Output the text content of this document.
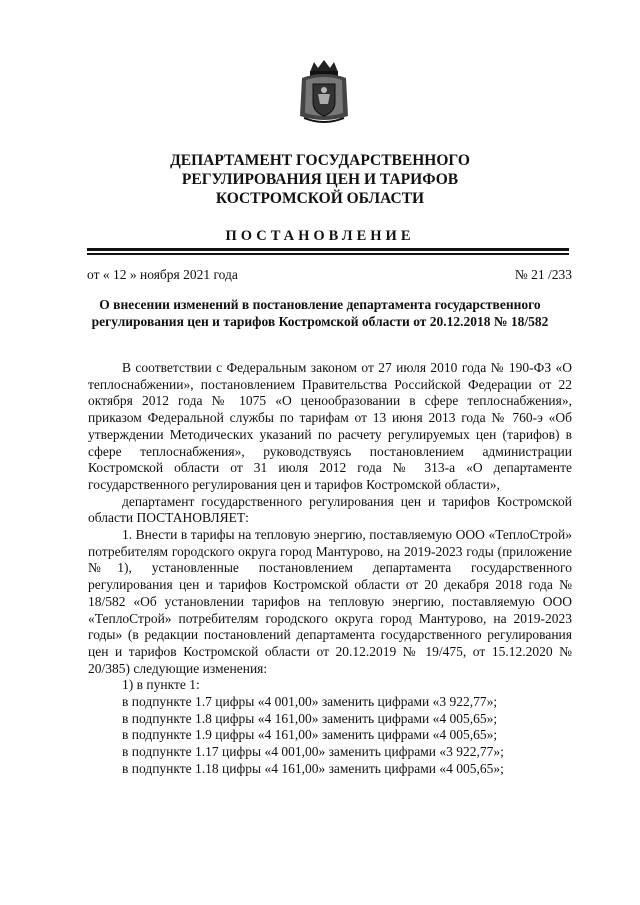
ДЕПАРТАМЕНТ ГОСУДАРСТВЕННОГО
РЕГУЛИРОВАНИЯ ЦЕН И ТАРИФОВ
КОСТРОМСКОЙ ОБЛАСТИ
ПОСТАНОВЛЕНИЕ
от « 12 » ноября 2021 года	№ 21 /233
О внесении изменений в постановление департамента государственного
регулирования цен и тарифов Костромской области от 20.12.2018 № 18/582

В соответствии с Федеральным законом от 27 июля 2010 года № 190-ФЗ «О теплоснабжении», постановлением Правительства Российской Федерации от 22 октября 2012 года № 1075 «О ценообразовании в сфере теплоснабжения», приказом Федеральной службы по тарифам от 13 июня 2013 года № 760-э «Об утверждении Методических указаний по расчету регулируемых цен (тарифов) в сфере теплоснабжения», руководствуясь постановлением администрации Костромской области от 31 июля 2012 года № 313-а «О департаменте государственного регулирования цен и тарифов Костромской области»,

департамент государственного регулирования цен и тарифов Костромской области ПОСТАНОВЛЯЕТ:

1. Внести в тарифы на тепловую энергию, поставляемую ООО «ТеплоСтрой» потребителям городского округа город Мантурово, на 2019-2023 годы (приложение №1), установленные постановлением департамента государственного регулирования цен и тарифов Костромской области от 20 декабря 2018 года № 18/582 «Об установлении тарифов на тепловую энергию, поставляемую ООО «ТеплоСтрой» потребителям городского округа город Мантурово, на 2019-2023 годы» (в редакции постановлений департамента государственного регулирования цен и тарифов Костромской области от 20.12.2019 № 19/475, от 15.12.2020 № 20/385) следующие изменения:

1) в пункте 1:

в подпункте 1.7 цифры «4 001,00» заменить цифрами «3 922,77»;

в подпункте 1.8 цифры «4 161,00» заменить цифрами «4 005,65»;

в подпункте 1.9 цифры «4 161,00» заменить цифрами «4 005,65»;

в подпункте 1.17 цифры «4 001,00» заменить цифрами «3 922,77»;

в подпункте 1.18 цифры «4 161,00» заменить цифрами «4 005,65»;
